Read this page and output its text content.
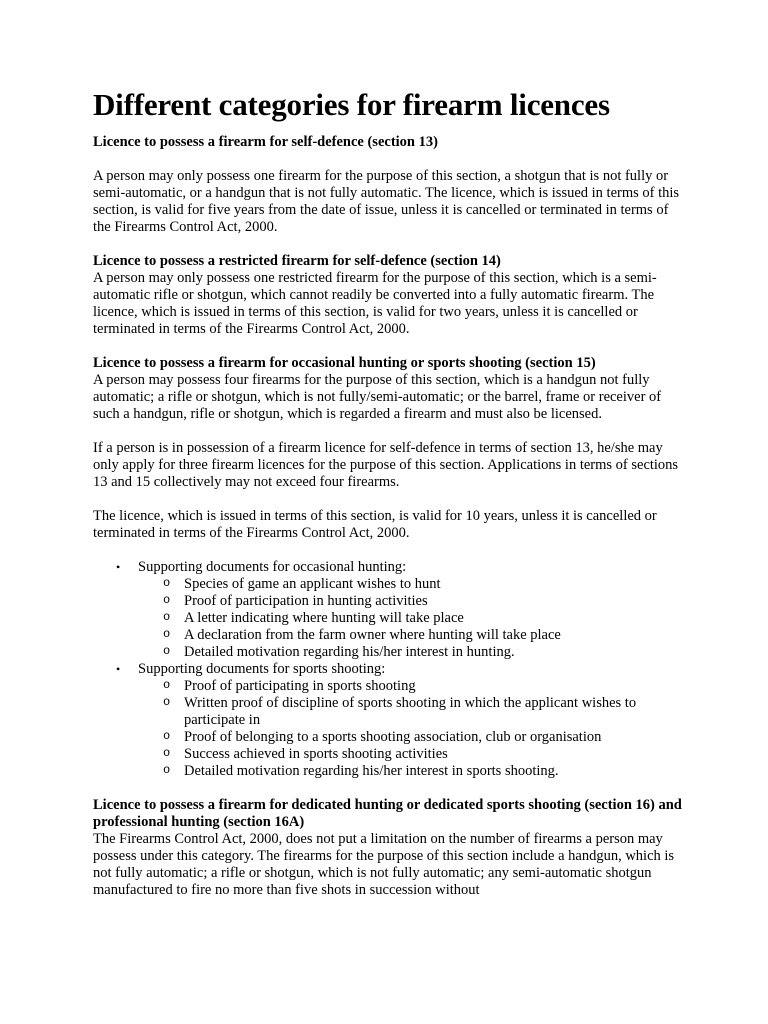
Different categories for firearm licences

Licence to possess a firearm for self-defence (section 13)

A person may only possess one firearm for the purpose of this section, a shotgun that is not fully or semi-automatic, or a handgun that is not fully automatic. The licence, which is issued in terms of this section, is valid for five years from the date of issue, unless it is cancelled or terminated in terms of the Firearms Control Act, 2000.

Licence to possess a restricted firearm for self-defence (section 14)

A person may only possess one restricted firearm for the purpose of this section, which is a semi-automatic rifle or shotgun, which cannot readily be converted into a fully automatic firearm. The licence, which is issued in terms of this section, is valid for two years, unless it is cancelled or terminated in terms of the Firearms Control Act, 2000.

Licence to possess a firearm for occasional hunting or sports shooting (section 15)

A person may possess four firearms for the purpose of this section, which is a handgun not fully automatic; a rifle or shotgun, which is not fully/semi-automatic; or the barrel, frame or receiver of such a handgun, rifle or shotgun, which is regarded a firearm and must also be licensed.

If a person is in possession of a firearm licence for self-defence in terms of section 13, he/she may only apply for three firearm licences for the purpose of this section. Applications in terms of sections 13 and 15 collectively may not exceed four firearms.

The licence, which is issued in terms of this section, is valid for 10 years, unless it is cancelled or terminated in terms of the Firearms Control Act, 2000.

• Supporting documents for occasional hunting:
o Species of game an applicant wishes to hunt
o Proof of participation in hunting activities
o A letter indicating where hunting will take place
o A declaration from the farm owner where hunting will take place
o Detailed motivation regarding his/her interest in hunting.
• Supporting documents for sports shooting:
o Proof of participating in sports shooting
o Written proof of discipline of sports shooting in which the applicant wishes to participate in
o Proof of belonging to a sports shooting association, club or organisation
o Success achieved in sports shooting activities
o Detailed motivation regarding his/her interest in sports shooting.

Licence to possess a firearm for dedicated hunting or dedicated sports shooting (section 16) and professional hunting (section 16A)

The Firearms Control Act, 2000, does not put a limitation on the number of firearms a person may possess under this category. The firearms for the purpose of this section include a handgun, which is not fully automatic; a rifle or shotgun, which is not fully automatic; any semi-automatic shotgun manufactured to fire no more than five shots in succession without
